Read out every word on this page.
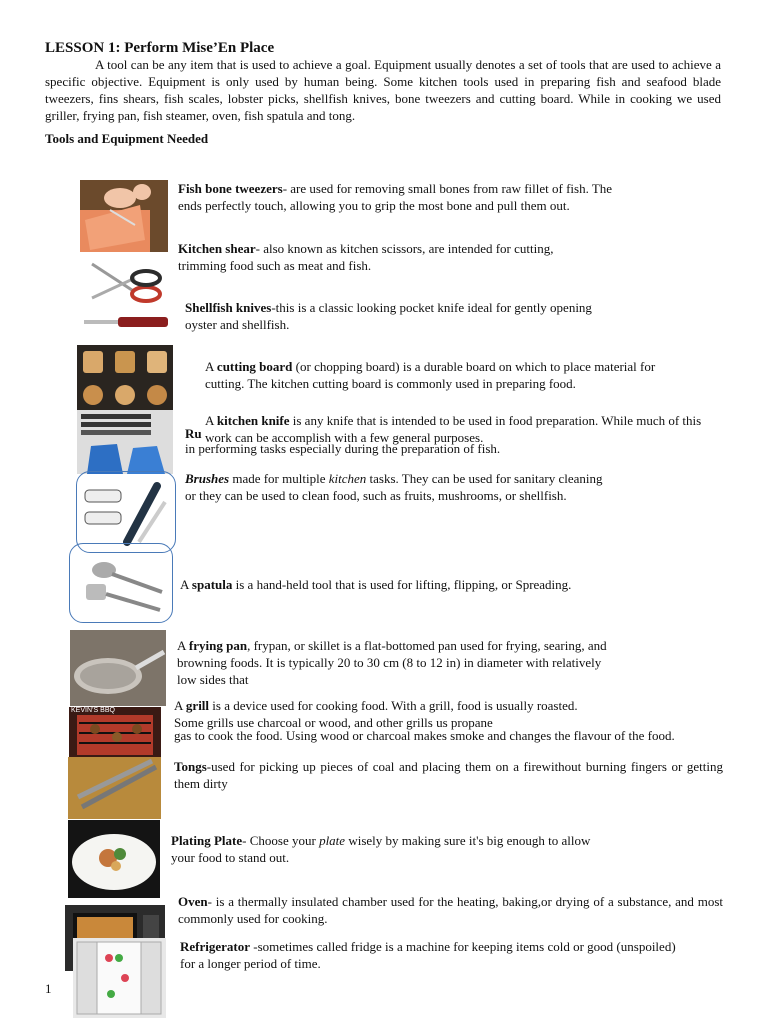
LESSON 1: Perform Mise’En Place
A tool can be any item that is used to achieve a goal. Equipment usually denotes a set of tools that are used to achieve a specific objective. Equipment is only used by human being. Some kitchen tools used in preparing fish and seafood blade tweezers, fins shears, fish scales, lobster picks, shellfish knives, bone tweezers and cutting board. While in cooking we used griller, frying pan, fish steamer, oven, fish spatula and tong.
Tools and Equipment Needed
KEVIN’S BBQ
Fish bone tweezers- are used for removing small bones from raw fillet of fish. The ends perfectly touch, allowing you to grip the most bone and pull them out.
Kitchen shear- also known as kitchen scissors, are intended for cutting, trimming food such as meat and fish.
Shellfish knives-this is a classic looking pocket knife ideal for gently opening oyster and shellfish.
A cutting board (or chopping board) is a durable board on which to place material for cutting. The kitchen cutting board is commonly used in preparing food.
A kitchen knife is any knife that is intended to be used in food preparation. While much of this work can be accomplish with a few general purposes.
Ru
in performing tasks especially during the preparation of fish.
Brushes made for multiple kitchen tasks. They can be used for sanitary cleaning or they can be used to clean food, such as fruits, mushrooms, or shellfish.
A spatula is a hand-held tool that is used for lifting, flipping, or Spreading.
A frying pan, frypan, or skillet is a flat-bottomed pan used for frying, searing, and browning foods. It is typically 20 to 30 cm (8 to 12 in) in diameter with relatively low sides that
A grill is a device used for cooking food. With a grill, food is usually roasted. Some grills use charcoal or wood, and other grills us propane
gas to cook the food. Using wood or charcoal makes smoke and changes the flavour of the food.
Tongs-used for picking up pieces of coal and placing them on a firewithout burning fingers or getting them dirty
Plating Plate- Choose your plate wisely by making sure it's big enough to allow your food to stand out.
Oven- is a thermally insulated chamber used for the heating, baking,or drying of a substance, and most commonly used for cooking.
Refrigerator -sometimes called fridge is a machine for keeping items cold or good (unspoiled) for a longer period of time.
1
